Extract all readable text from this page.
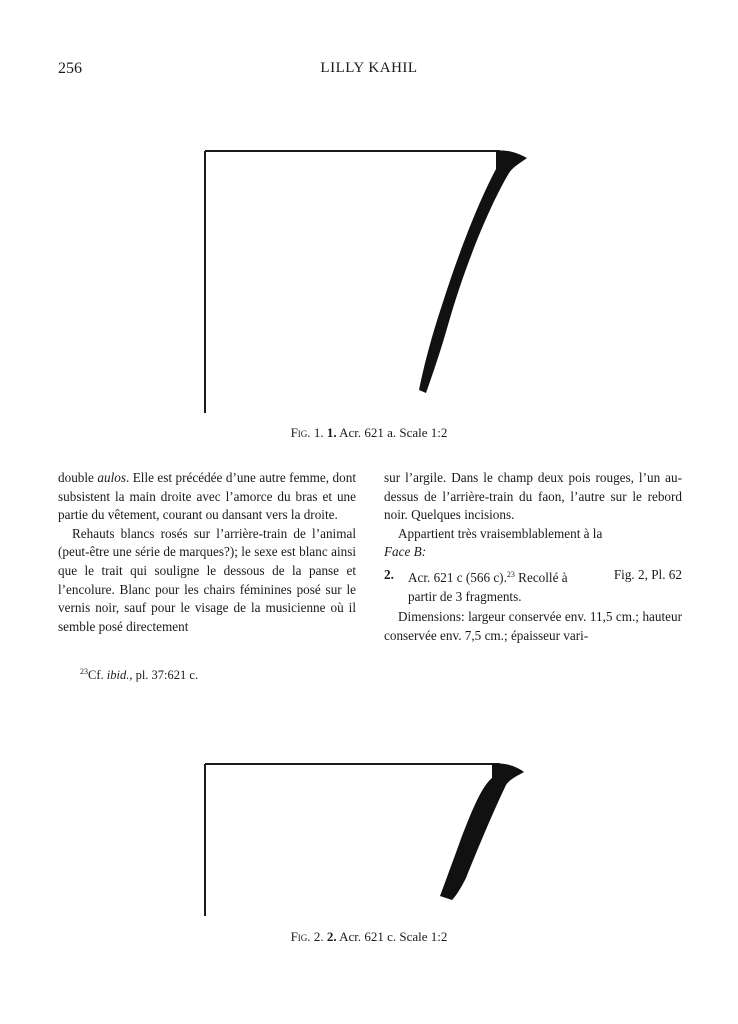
256	LILLY KAHIL
Fig. 1. 1. Acr. 621 a. Scale 1:2

double aulos. Elle est précédée d’une autre femme, dont subsistent la main droite avec l’amorce du bras et une partie du vêtement, courant ou dansant vers la droite.

Rehauts blancs rosés sur l’arrière-train de l’animal (peut-être une série de marques?); le sexe est blanc ainsi que le trait qui souligne le dessous de la panse et l’encolure. Blanc pour les chairs féminines posé sur le vernis noir, sauf pour le visage de la musicienne où il semble posé directement

sur l’argile. Dans le champ deux pois rouges, l’un au-dessus de l’arrière-train du faon, l’autre sur le rebord noir. Quelques incisions.

Appartient très vraisemblablement à la
Face B:

2.	Acr. 621 c (566 c).$^{23}$ Recollé à	Fig. 2, Pl. 62
partir de 3 fragments.

Dimensions: largeur conservée env. 11,5 cm.; hauteur conservée env. 7,5 cm.; épaisseur vari-

$^{23}$Cf. ibid., pl. 37:621 c.
Fig. 2. 2. Acr. 621 c. Scale 1:2
